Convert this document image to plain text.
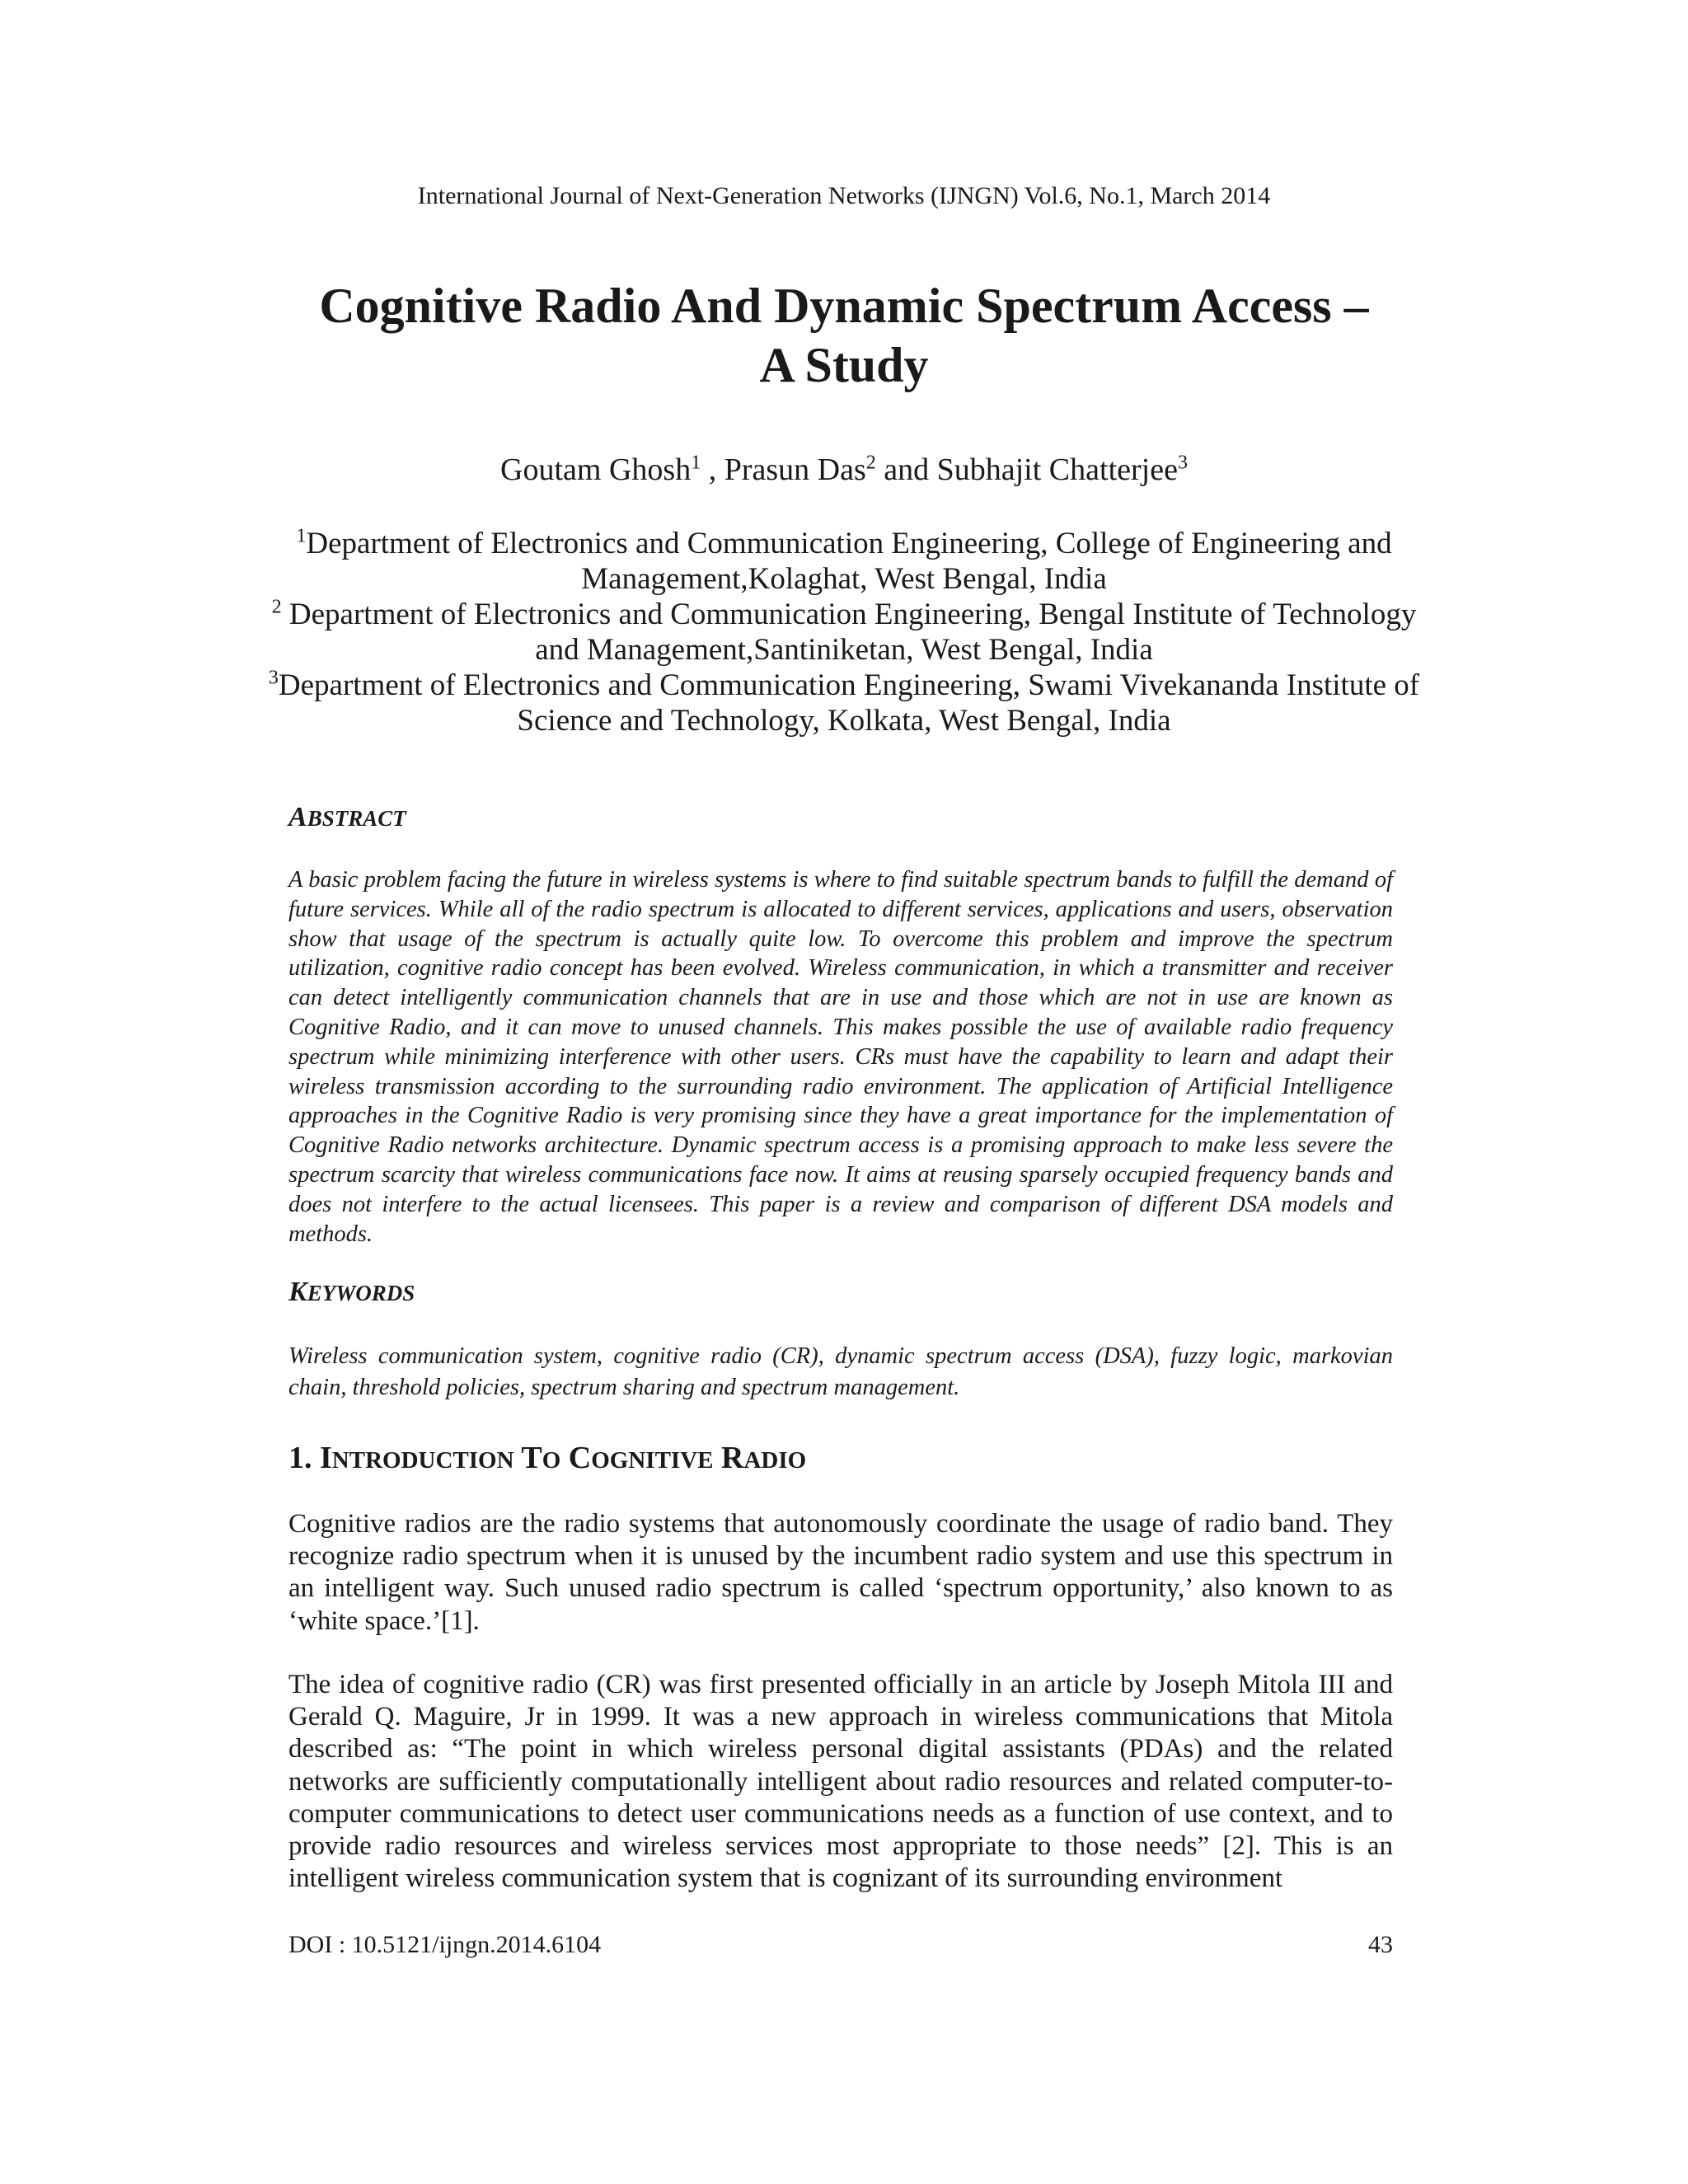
International Journal of Next-Generation Networks (IJNGN) Vol.6, No.1, March 2014
Cognitive Radio And Dynamic Spectrum Access –
A Study
Goutam Ghosh$^1$ , Prasun Das$^2$ and Subhajit Chatterjee$^3$

$^1$Department of Electronics and Communication Engineering, College of Engineering and Management,Kolaghat, West Bengal, India

$^2$ Department of Electronics and Communication Engineering, Bengal Institute of Technology and Management,Santiniketan, West Bengal, India

$^3$Department of Electronics and Communication Engineering, Swami Vivekananda Institute of Science and Technology, Kolkata, West Bengal, India

ABSTRACT
A basic problem facing the future in wireless systems is where to find suitable spectrum bands to fulfill the demand of future services. While all of the radio spectrum is allocated to different services, applications and users, observation show that usage of the spectrum is actually quite low. To overcome this problem and improve the spectrum utilization, cognitive radio concept has been evolved. Wireless communication, in which a transmitter and receiver can detect intelligently communication channels that are in use and those which are not in use are known as Cognitive Radio, and it can move to unused channels. This makes possible the use of available radio frequency spectrum while minimizing interference with other users. CRs must have the capability to learn and adapt their wireless transmission according to the surrounding radio environment. The application of Artificial Intelligence approaches in the Cognitive Radio is very promising since they have a great importance for the implementation of Cognitive Radio networks architecture. Dynamic spectrum access is a promising approach to make less severe the spectrum scarcity that wireless communications face now. It aims at reusing sparsely occupied frequency bands and does not interfere to the actual licensees. This paper is a review and comparison of different DSA models and methods.
KEYWORDS
Wireless communication system, cognitive radio (CR), dynamic spectrum access (DSA), fuzzy logic, markovian chain, threshold policies, spectrum sharing and spectrum management.
1. INTRODUCTION TO COGNITIVE RADIO

Cognitive radios are the radio systems that autonomously coordinate the usage of radio band. They recognize radio spectrum when it is unused by the incumbent radio system and use this spectrum in an intelligent way. Such unused radio spectrum is called ‘spectrum opportunity,’ also known to as ‘white space.’[1].

The idea of cognitive radio (CR) was first presented officially in an article by Joseph Mitola III and Gerald Q. Maguire, Jr in 1999. It was a new approach in wireless communications that Mitola described as: “The point in which wireless personal digital assistants (PDAs) and the related networks are sufficiently computationally intelligent about radio resources and related computer-to-computer communications to detect user communications needs as a function of use context, and to provide radio resources and wireless services most appropriate to those needs” [2]. This is an intelligent wireless communication system that is cognizant of its surrounding environment

DOI : 10.5121/ijngn.2014.6104	43
